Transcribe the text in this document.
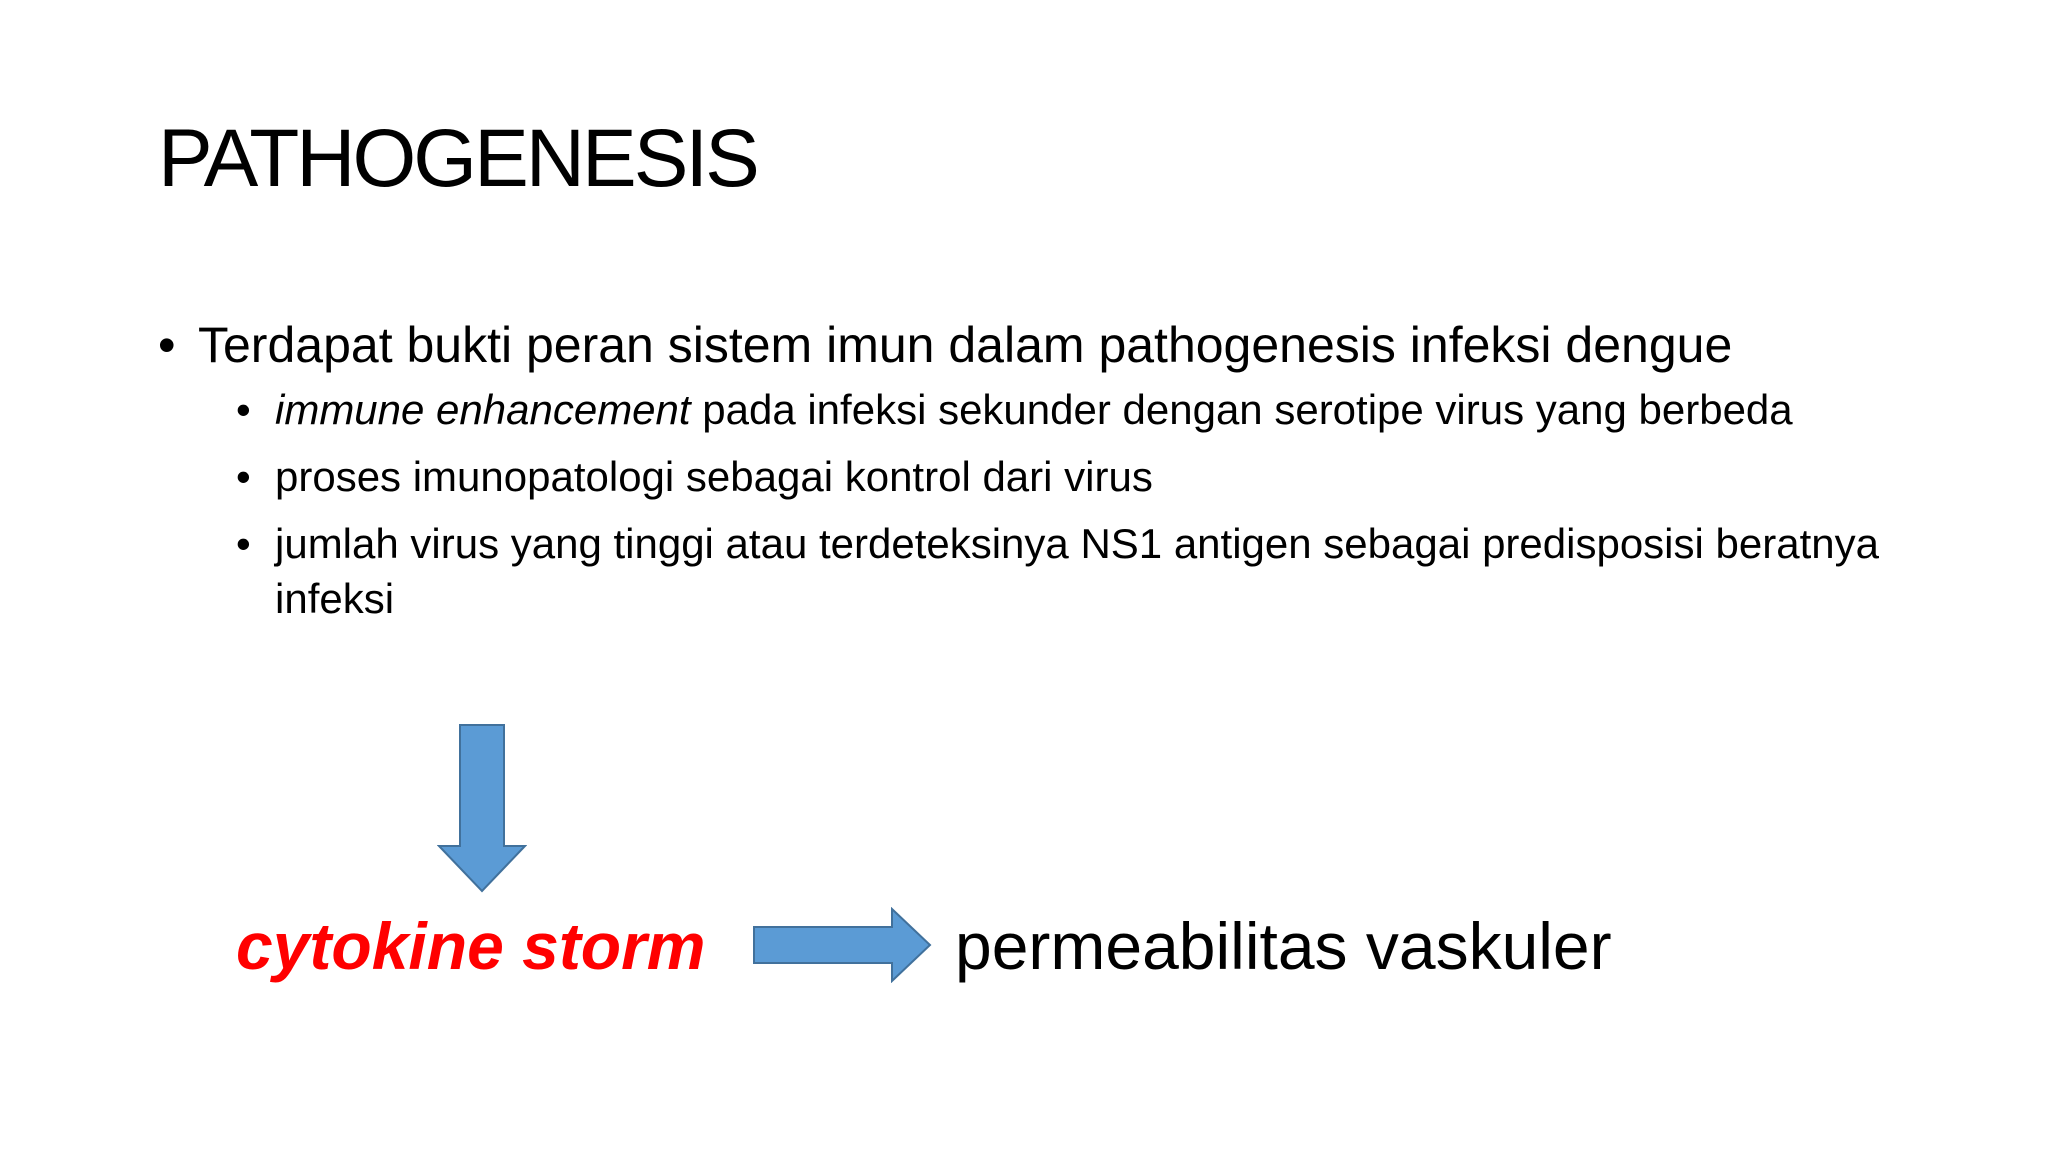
PATHOGENESIS
• Terdapat bukti peran sistem imun dalam pathogenesis infeksi dengue
• immune enhancement pada infeksi sekunder dengan serotipe virus yang berbeda
• proses imunopatologi sebagai kontrol dari virus
• jumlah virus yang tinggi atau terdeteksinya NS1 antigen sebagai predisposisi beratnya infeksi
cytokine storm	permeabilitas vaskuler
